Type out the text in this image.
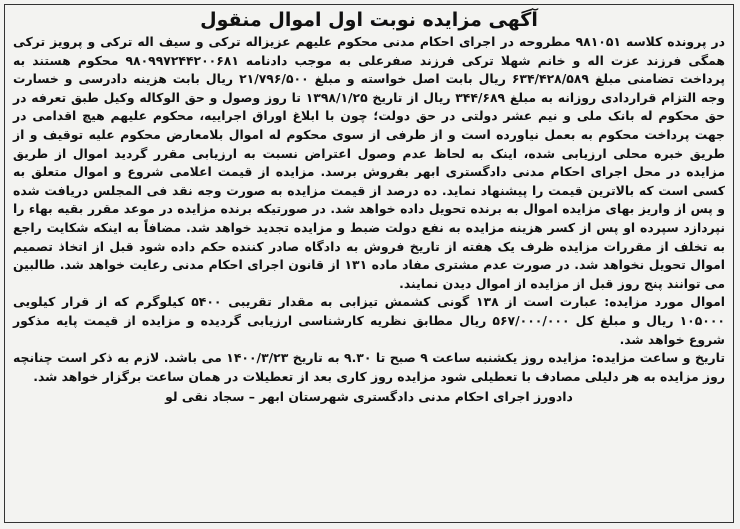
آگهی مزایده نوبت اول اموال منقول
در پرونده کلاسه ۹۸۱۰۵۱ مطروحه در اجرای احکام مدنی محکوم علیهم عزیزاله ترکی و سیف اله ترکی و پرویز ترکی همگی فرزند عزت اله و خانم شهلا ترکی فرزند صفرعلی به موجب دادنامه ۹۸۰۹۹۷۲۴۴۲۰۰۶۸۱ محکوم هستند به پرداخت تضامنی مبلغ ۶۳۴/۴۲۸/۵۸۹ ریال بابت اصل خواسته و مبلغ ۲۱/۷۹۶/۵۰۰ ریال بابت هزینه دادرسی و خسارت وجه التزام قراردادی روزانه به مبلغ ۳۴۴/۶۸۹ ریال از تاریخ ۱۳۹۸/۱/۲۵ تا روز وصول و حق الوکاله وکیل طبق تعرفه در حق محکوم له بانک ملی و نیم عشر دولتی در حق دولت؛ چون با ابلاغ اوراق اجراییه، محکوم علیهم هیچ اقدامی در جهت پرداخت محکوم به بعمل نیاورده است و از طرفی از سوی محکوم له اموال بلامعارض محکوم علیه توقیف و از طریق خبره محلی ارزیابی شده، اینک به لحاظ عدم وصول اعتراض نسبت به ارزیابی مقرر گردید اموال از طریق مزایده در محل اجرای احکام مدنی دادگستری ابهر بفروش برسد. مزایده از قیمت اعلامی شروع و اموال متعلق به کسی است که بالاترین قیمت را پیشنهاد نماید. ده درصد از قیمت مزایده به صورت وجه نقد فی المجلس دریافت شده و پس از واریز بهای مزایده اموال به برنده تحویل داده خواهد شد. در صورتیکه برنده مزایده در موعد مقرر بقیه بهاء را نپردازد سپرده او پس از کسر هزینه مزایده به نفع دولت ضبط و مزایده تجدید خواهد شد. مضافاً به اینکه شکایت راجع به تخلف از مقررات مزایده ظرف یک هفته از تاریخ فروش به دادگاه صادر کننده حکم داده شود قبل از اتخاذ تصمیم اموال تحویل نخواهد شد. در صورت عدم مشتری مفاد ماده ۱۳۱ از قانون اجرای احکام مدنی رعایت خواهد شد. طالبین می توانند پنج روز قبل از مزایده از اموال دیدن نمایند.
اموال مورد مزایده: عبارت است از ۱۳۸ گونی کشمش تیزابی به مقدار تقریبی ۵۴۰۰ کیلوگرم که از قرار کیلویی ۱۰۵۰۰۰ ریال و مبلغ کل ۵۶۷/۰۰۰/۰۰۰ ریال مطابق نظریه کارشناسی ارزیابی گردیده و مزایده از قیمت پایه مذکور شروع خواهد شد.
تاریخ و ساعت مزایده: مزایده روز یکشنبه ساعت ۹ صبح تا ۹.۳۰ به تاریخ ۱۴۰۰/۳/۲۳ می باشد. لازم به ذکر است چنانچه روز مزایده به هر دلیلی مصادف با تعطیلی شود مزایده روز کاری بعد از تعطیلات در همان ساعت برگزار خواهد شد.
دادورز اجرای احکام مدنی دادگستری شهرستان ابهر – سجاد نقی لو
